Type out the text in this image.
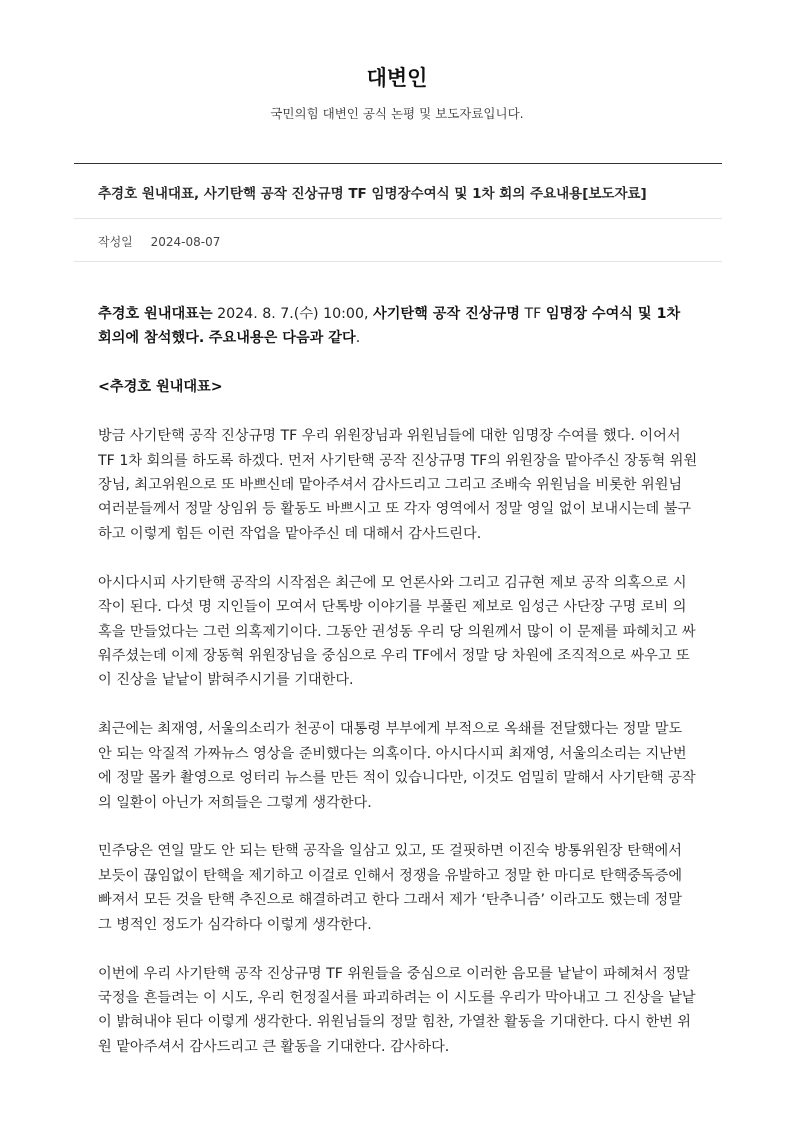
대변인

국민의힘 대변인 공식 논평 및 보도자료입니다.

추경호 원내대표, 사기탄핵 공작 진상규명 TF 임명장수여식 및 1차 회의 주요내용[보도자료]
작성일 2024-08-07

추경호 원내대표는 2024. 8. 7.(수) 10:00, 사기탄핵 공작 진상규명 TF 임명장 수여식 및 1차 회의에 참석했다. 주요내용은 다음과 같다.

<추경호 원내대표>

방금 사기탄핵 공작 진상규명 TF 우리 위원장님과 위원님들에 대한 임명장 수여를 했다. 이어서 TF 1차 회의를 하도록 하겠다. 먼저 사기탄핵 공작 진상규명 TF의 위원장을 맡아주신 장동혁 위원장님, 최고위원으로 또 바쁘신데 맡아주셔서 감사드리고 그리고 조배숙 위원님을 비롯한 위원님 여러분들께서 정말 상임위 등 활동도 바쁘시고 또 각자 영역에서 정말 영일 없이 보내시는데 불구하고 이렇게 힘든 이런 작업을 맡아주신 데 대해서 감사드린다.

아시다시피 사기탄핵 공작의 시작점은 최근에 모 언론사와 그리고 김규현 제보 공작 의혹으로 시작이 된다. 다섯 명 지인들이 모여서 단톡방 이야기를 부풀린 제보로 임성근 사단장 구명 로비 의혹을 만들었다는 그런 의혹제기이다. 그동안 권성동 우리 당 의원께서 많이 이 문제를 파헤치고 싸워주셨는데 이제 장동혁 위원장님을 중심으로 우리 TF에서 정말 당 차원에 조직적으로 싸우고 또 이 진상을 낱낱이 밝혀주시기를 기대한다.

최근에는 최재영, 서울의소리가 천공이 대통령 부부에게 부적으로 옥쇄를 전달했다는 정말 말도 안 되는 악질적 가짜뉴스 영상을 준비했다는 의혹이다. 아시다시피 최재영, 서울의소리는 지난번에 정말 몰카 촬영으로 엉터리 뉴스를 만든 적이 있습니다만, 이것도 엄밀히 말해서 사기탄핵 공작의 일환이 아닌가 저희들은 그렇게 생각한다.

민주당은 연일 말도 안 되는 탄핵 공작을 일삼고 있고, 또 걸핏하면 이진숙 방통위원장 탄핵에서 보듯이 끊임없이 탄핵을 제기하고 이걸로 인해서 정쟁을 유발하고 정말 한 마디로 탄핵중독증에 빠져서 모든 것을 탄핵 추진으로 해결하려고 한다 그래서 제가 ‘탄추니즘’ 이라고도 했는데 정말 그 병적인 정도가 심각하다 이렇게 생각한다.

이번에 우리 사기탄핵 공작 진상규명 TF 위원들을 중심으로 이러한 음모를 낱낱이 파헤쳐서 정말 국정을 흔들려는 이 시도, 우리 헌정질서를 파괴하려는 이 시도를 우리가 막아내고 그 진상을 낱낱이 밝혀내야 된다 이렇게 생각한다. 위원님들의 정말 힘찬, 가열찬 활동을 기대한다. 다시 한번 위원 맡아주셔서 감사드리고 큰 활동을 기대한다. 감사하다.
